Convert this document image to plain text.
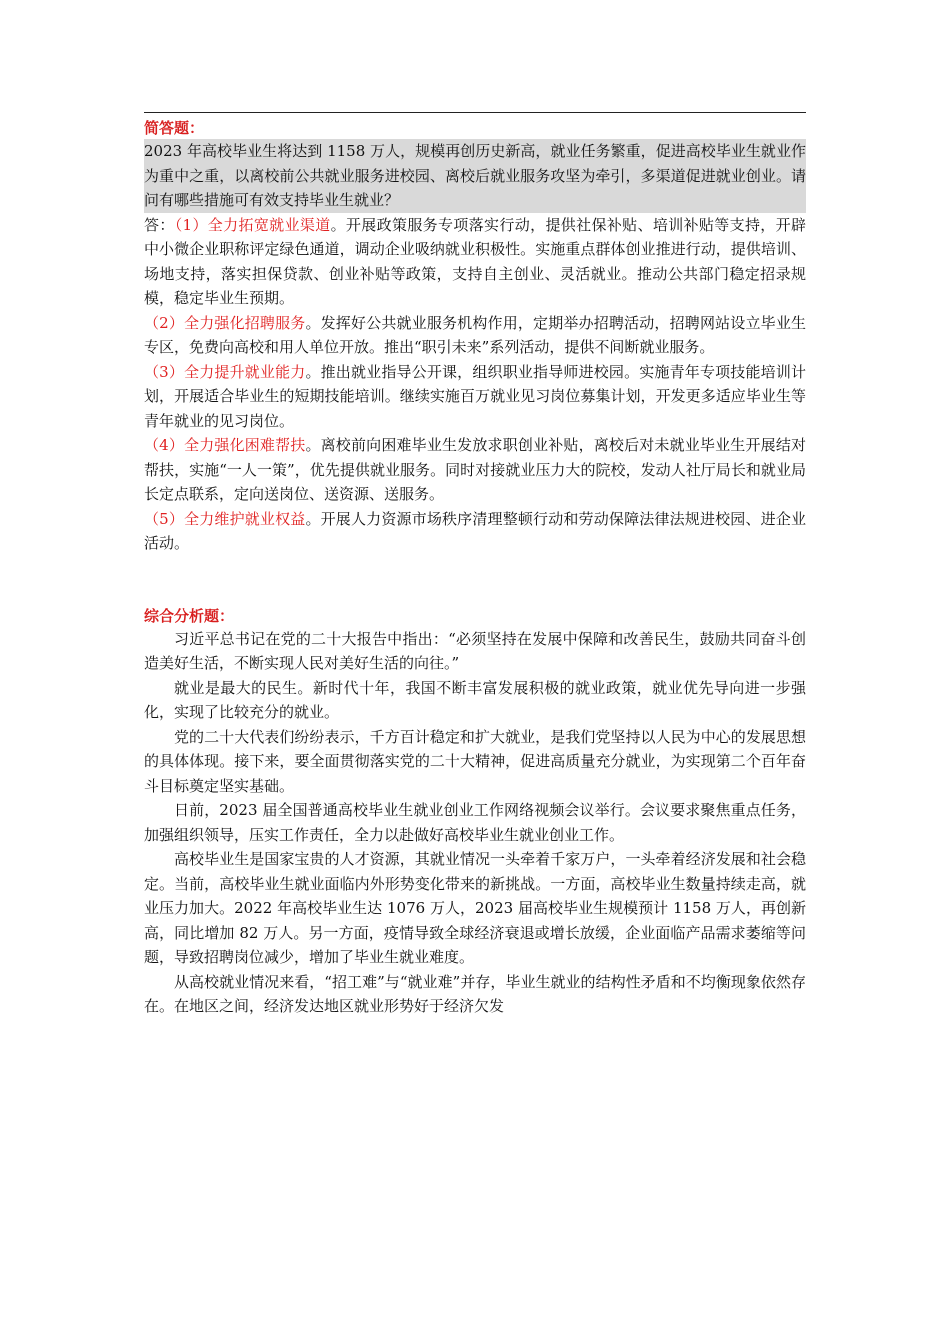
简答题：
2023 年高校毕业生将达到 1158 万人，规模再创历史新高，就业任务繁重，促进高校毕业生就业作为重中之重，以离校前公共就业服务进校园、离校后就业服务攻坚为牵引，多渠道促进就业创业。请问有哪些措施可有效支持毕业生就业？
答：（1）全力拓宽就业渠道。开展政策服务专项落实行动，提供社保补贴、培训补贴等支持，开辟中小微企业职称评定绿色通道，调动企业吸纳就业积极性。实施重点群体创业推进行动，提供培训、场地支持，落实担保贷款、创业补贴等政策，支持自主创业、灵活就业。推动公共部门稳定招录规模，稳定毕业生预期。
（2）全力强化招聘服务。发挥好公共就业服务机构作用，定期举办招聘活动，招聘网站设立毕业生专区，免费向高校和用人单位开放。推出“职引未来”系列活动，提供不间断就业服务。
（3）全力提升就业能力。推出就业指导公开课，组织职业指导师进校园。实施青年专项技能培训计划，开展适合毕业生的短期技能培训。继续实施百万就业见习岗位募集计划，开发更多适应毕业生等青年就业的见习岗位。
（4）全力强化困难帮扶。离校前向困难毕业生发放求职创业补贴，离校后对未就业毕业生开展结对帮扶，实施“一人一策”，优先提供就业服务。同时对接就业压力大的院校，发动人社厅局长和就业局长定点联系，定向送岗位、送资源、送服务。
（5）全力维护就业权益。开展人力资源市场秩序清理整顿行动和劳动保障法律法规进校园、进企业活动。
综合分析题：
习近平总书记在党的二十大报告中指出：“必须坚持在发展中保障和改善民生，鼓励共同奋斗创造美好生活，不断实现人民对美好生活的向往。”
就业是最大的民生。新时代十年，我国不断丰富发展积极的就业政策，就业优先导向进一步强化，实现了比较充分的就业。
党的二十大代表们纷纷表示，千方百计稳定和扩大就业，是我们党坚持以人民为中心的发展思想的具体体现。接下来，要全面贯彻落实党的二十大精神，促进高质量充分就业，为实现第二个百年奋斗目标奠定坚实基础。
日前，2023 届全国普通高校毕业生就业创业工作网络视频会议举行。会议要求聚焦重点任务，加强组织领导，压实工作责任，全力以赴做好高校毕业生就业创业工作。
高校毕业生是国家宝贵的人才资源，其就业情况一头牵着千家万户，一头牵着经济发展和社会稳定。当前，高校毕业生就业面临内外形势变化带来的新挑战。一方面，高校毕业生数量持续走高，就业压力加大。2022 年高校毕业生达 1076 万人，2023 届高校毕业生规模预计 1158 万人，再创新高，同比增加 82 万人。另一方面，疫情导致全球经济衰退或增长放缓，企业面临产品需求萎缩等问题，导致招聘岗位减少，增加了毕业生就业难度。
从高校就业情况来看，“招工难”与“就业难”并存，毕业生就业的结构性矛盾和不均衡现象依然存在。在地区之间，经济发达地区就业形势好于经济欠发
